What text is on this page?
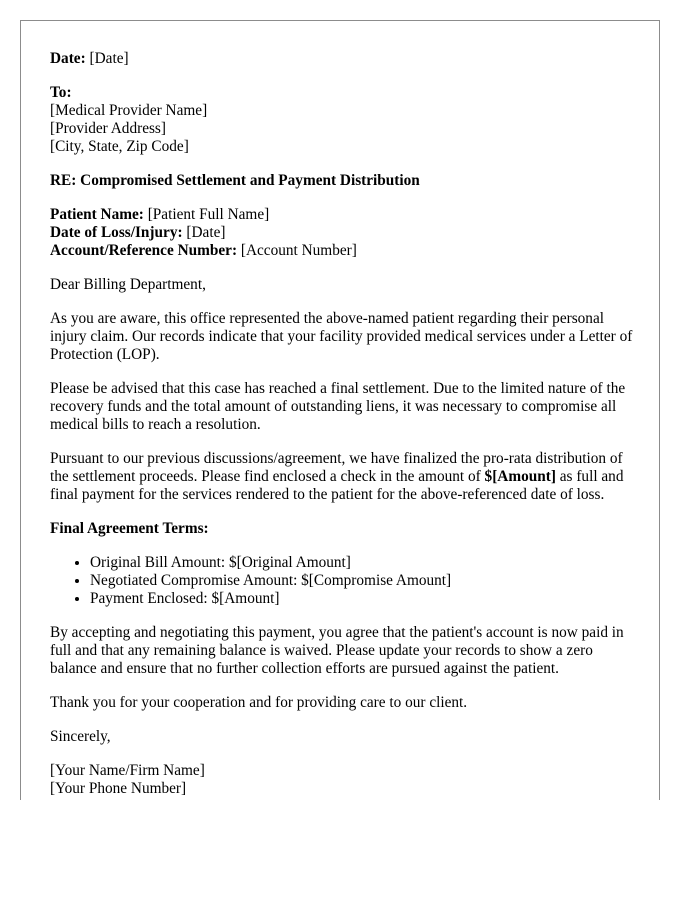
Date: [Date]

To:
[Medical Provider Name]
[Provider Address]
[City, State, Zip Code]

RE: Compromised Settlement and Payment Distribution

Patient Name: [Patient Full Name]
Date of Loss/Injury: [Date]
Account/Reference Number: [Account Number]

Dear Billing Department,

As you are aware, this office represented the above-named patient regarding their personal injury claim. Our records indicate that your facility provided medical services under a Letter of Protection (LOP).

Please be advised that this case has reached a final settlement. Due to the limited nature of the recovery funds and the total amount of outstanding liens, it was necessary to compromise all medical bills to reach a resolution.

Pursuant to our previous discussions/agreement, we have finalized the pro-rata distribution of the settlement proceeds. Please find enclosed a check in the amount of $[Amount] as full and final payment for the services rendered to the patient for the above-referenced date of loss.

Final Agreement Terms:

• Original Bill Amount: $[Original Amount]
• Negotiated Compromise Amount: $[Compromise Amount]
• Payment Enclosed: $[Amount]

By accepting and negotiating this payment, you agree that the patient's account is now paid in full and that any remaining balance is waived. Please update your records to show a zero balance and ensure that no further collection efforts are pursued against the patient.

Thank you for your cooperation and for providing care to our client.

Sincerely,

[Your Name/Firm Name]
[Your Phone Number]
